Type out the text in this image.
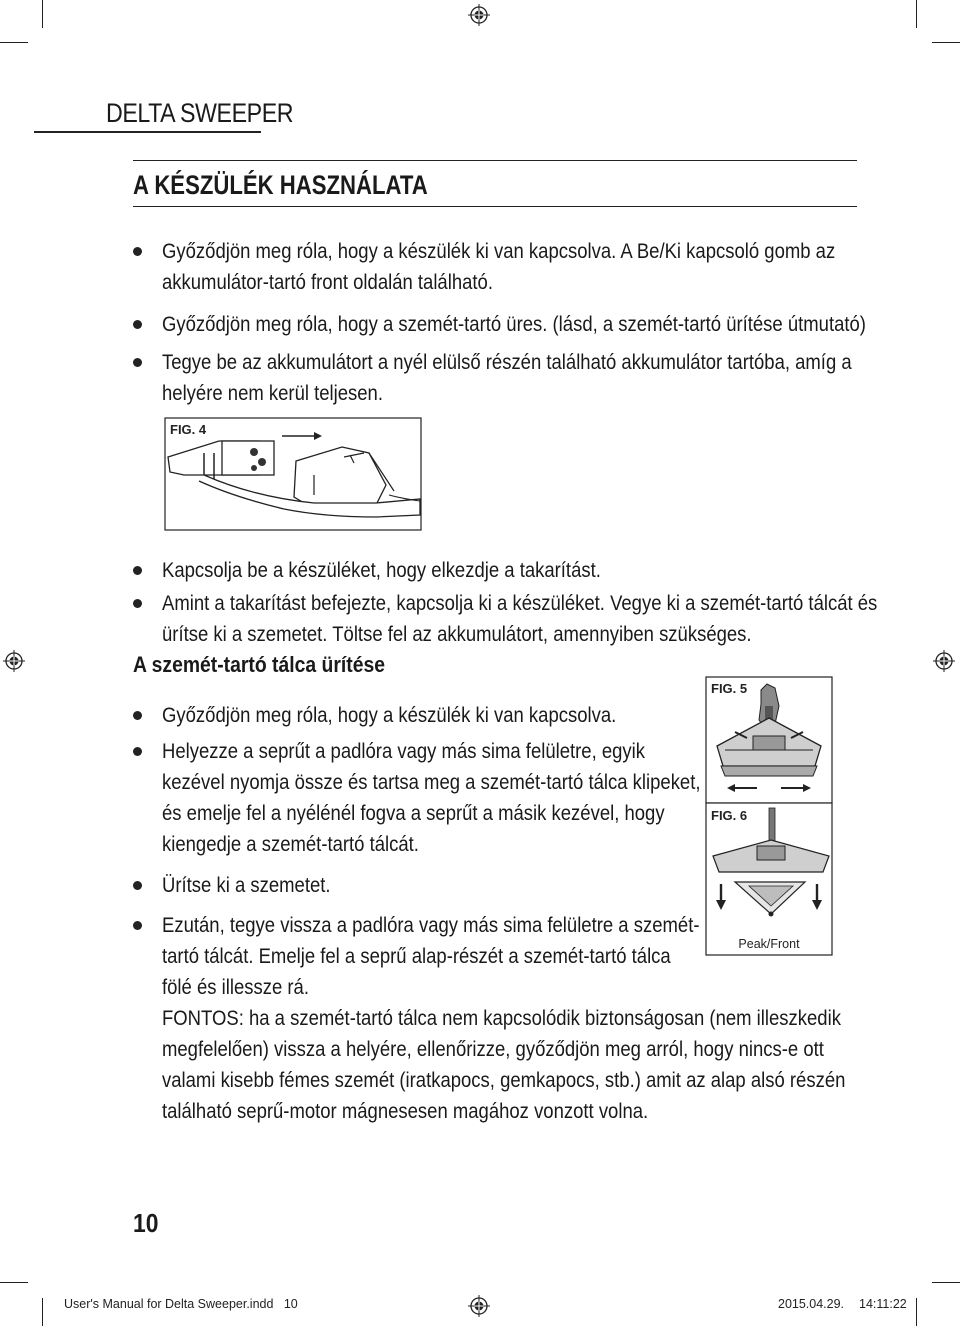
DELTA SWEEPER
A KÉSZÜLÉK HASZNÁLATA
Győződjön meg róla, hogy a készülék ki van kapcsolva. A Be/Ki kapcsoló gomb az
akkumulátor-tartó front oldalán található.
Győződjön meg róla, hogy a szemét-tartó üres. (lásd, a szemét-tartó ürítése útmutató)
Tegye be az akkumulátort a nyél elülső részén található akkumulátor tartóba, amíg a
helyére nem kerül teljesen.
FIG. 4
Kapcsolja be a készüléket, hogy elkezdje a takarítást.
Amint a takarítást befejezte, kapcsolja ki a készüléket. Vegye ki a szemét-tartó tálcát és
ürítse ki a szemetet. Töltse fel az akkumulátort, amennyiben szükséges.
A szemét-tartó tálca ürítése
Győződjön meg róla, hogy a készülék ki van kapcsolva.
Helyezze a seprűt a padlóra vagy más sima felületre, egyik
kezével nyomja össze és tartsa meg a szemét-tartó tálca klipeket,
és emelje fel a nyélénél fogva a seprűt a másik kezével, hogy
kiengedje a szemét-tartó tálcát.
Ürítse ki a szemetet.
Ezután, tegye vissza a padlóra vagy más sima felületre a szemét-
tartó tálcát. Emelje fel a seprű alap-részét a szemét-tartó tálca
fölé és illessze rá.
FONTOS: ha a szemét-tartó tálca nem kapcsolódik biztonságosan (nem illeszkedik
megfelelően) vissza a helyére, ellenőrizze, győződjön meg arról, hogy nincs-e ott
valami kisebb fémes szemét (iratkapocs, gemkapocs, stb.) amit az alap alsó részén
található seprű-motor mágnesesen magához vonzott volna.
FIG. 5
FIG. 6
Peak/Front
10
User's Manual for Delta Sweeper.indd   10	2015.04.29. 14:11:22
